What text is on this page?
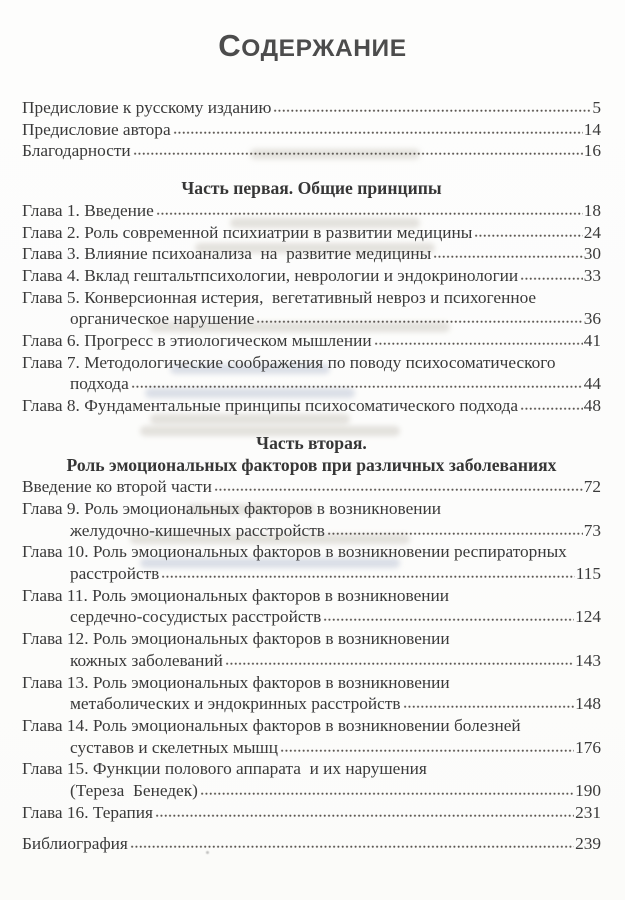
СОДЕРЖАНИЕ
Предисловие к русскому изданию	5
Предисловие автора	14
Благодарности	16
Часть первая. Общие принципы
Глава 1. Введение	18
Глава 2. Роль современной психиатрии в развитии медицины	24
Глава 3. Влияние психоанализа  на  развитие медицины	30
Глава 4. Вклад гештальтпсихологии, неврологии и эндокринологии	33
Глава 5. Конверсионная истерия,  вегетативный невроз и психогенное
органическое нарушение	36
Глава 6. Прогресс в этиологическом мышлении	41
Глава 7. Методологические соображения по поводу психосоматического
подхода	44
Глава 8. Фундаментальные принципы психосоматического подхода	48
Часть вторая.
Роль эмоциональных факторов при различных заболеваниях
Введение ко второй части	72
Глава 9. Роль эмоциональных факторов в возникновении
желудочно-кишечных расстройств	73
Глава 10. Роль эмоциональных факторов в возникновении респираторных
расстройств	115
Глава 11. Роль эмоциональных факторов в возникновении
сердечно-сосудистых расстройств	124
Глава 12. Роль эмоциональных факторов в возникновении
кожных заболеваний	143
Глава 13. Роль эмоциональных факторов в возникновении
метаболических и эндокринных расстройств	148
Глава 14. Роль эмоциональных факторов в возникновении болезней
суставов и скелетных мышц	176
Глава 15. Функции полового аппарата  и их нарушения
(Тереза  Бенедек)	190
Глава 16. Терапия	231
Библиография	239
